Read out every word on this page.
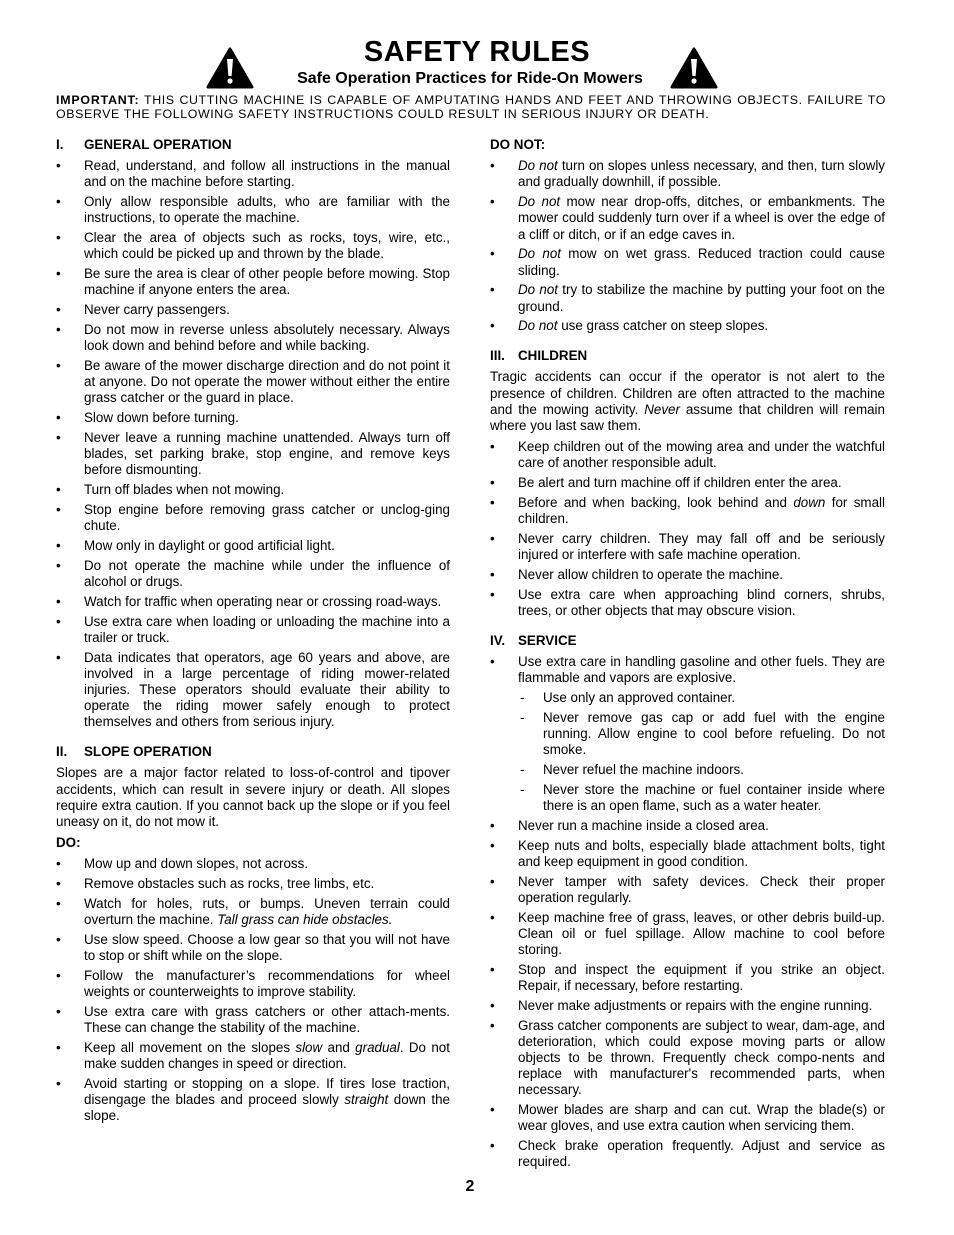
SAFETY RULES
Safe Operation Practices for Ride-On Mowers
IMPORTANT: THIS CUTTING MACHINE IS CAPABLE OF AMPUTATING HANDS AND FEET AND THROWING OBJECTS. FAILURE TO OBSERVE THE FOLLOWING SAFETY INSTRUCTIONS COULD RESULT IN SERIOUS INJURY OR DEATH.
I.	GENERAL OPERATION
• Read, understand, and follow all instructions in the manual and on the machine before starting.
• Only allow responsible adults, who are familiar with the instructions, to operate the machine.
• Clear the area of objects such as rocks, toys, wire, etc., which could be picked up and thrown by the blade.
• Be sure the area is clear of other people before mowing. Stop machine if anyone enters the area.
• Never carry passengers.
• Do not mow in reverse unless absolutely necessary. Always look down and behind before and while backing.
• Be aware of the mower discharge direction and do not point it at anyone. Do not operate the mower without either the entire grass catcher or the guard in place.
• Slow down before turning.
• Never leave a running machine unattended. Always turn off blades, set parking brake, stop engine, and remove keys before dismounting.
• Turn off blades when not mowing.
• Stop engine before removing grass catcher or unclog-ging chute.
• Mow only in daylight or good artificial light.
• Do not operate the machine while under the influence of alcohol or drugs.
• Watch for traffic when operating near or crossing road-ways.
• Use extra care when loading or unloading the machine into a trailer or truck.
• Data indicates that operators, age 60 years and above, are involved in a large percentage of riding mower-related injuries. These operators should evaluate their ability to operate the riding mower safely enough to protect themselves and others from serious injury.
II.	SLOPE OPERATION

Slopes are a major factor related to loss-of-control and tipover accidents, which can result in severe injury or death. All slopes require extra caution. If you cannot back up the slope or if you feel uneasy on it, do not mow it.

DO:
• Mow up and down slopes, not across.
• Remove obstacles such as rocks, tree limbs, etc.
• Watch for holes, ruts, or bumps. Uneven terrain could overturn the machine. Tall grass can hide obstacles.
• Use slow speed. Choose a low gear so that you will not have to stop or shift while on the slope.
• Follow the manufacturer’s recommendations for wheel weights or counterweights to improve stability.
• Use extra care with grass catchers or other attach-ments. These can change the stability of the machine.
• Keep all movement on the slopes slow and gradual. Do not make sudden changes in speed or direction.
• Avoid starting or stopping on a slope. If tires lose traction, disengage the blades and proceed slowly straight down the slope.
DO NOT:
• Do not turn on slopes unless necessary, and then, turn slowly and gradually downhill, if possible.
• Do not mow near drop-offs, ditches, or embankments. The mower could suddenly turn over if a wheel is over the edge of a cliff or ditch, or if an edge caves in.
• Do not mow on wet grass. Reduced traction could cause sliding.
• Do not try to stabilize the machine by putting your foot on the ground.
• Do not use grass catcher on steep slopes.
III. CHILDREN

Tragic accidents can occur if the operator is not alert to the presence of children. Children are often attracted to the machine and the mowing activity. Never assume that children will remain where you last saw them.

• Keep children out of the mowing area and under the watchful care of another responsible adult.
• Be alert and turn machine off if children enter the area.
• Before and when backing, look behind and down for small children.
• Never carry children. They may fall off and be seriously injured or interfere with safe machine operation.
• Never allow children to operate the machine.
• Use extra care when approaching blind corners, shrubs, trees, or other objects that may obscure vision.
IV. SERVICE
• Use extra care in handling gasoline and other fuels. They are flammable and vapors are explosive.
- Use only an approved container.
- Never remove gas cap or add fuel with the engine running. Allow engine to cool before refueling. Do not smoke.
- Never refuel the machine indoors.
- Never store the machine or fuel container inside where there is an open flame, such as a water heater.
• Never run a machine inside a closed area.
• Keep nuts and bolts, especially blade attachment bolts, tight and keep equipment in good condition.
• Never tamper with safety devices. Check their proper operation regularly.
• Keep machine free of grass, leaves, or other debris build-up. Clean oil or fuel spillage. Allow machine to cool before storing.
• Stop and inspect the equipment if you strike an object. Repair, if necessary, before restarting.
• Never make adjustments or repairs with the engine running.
• Grass catcher components are subject to wear, dam-age, and deterioration, which could expose moving parts or allow objects to be thrown. Frequently check compo-nents and replace with manufacturer's recommended parts, when necessary.
• Mower blades are sharp and can cut. Wrap the blade(s) or wear gloves, and use extra caution when servicing them.
• Check brake operation frequently. Adjust and service as required.
2
